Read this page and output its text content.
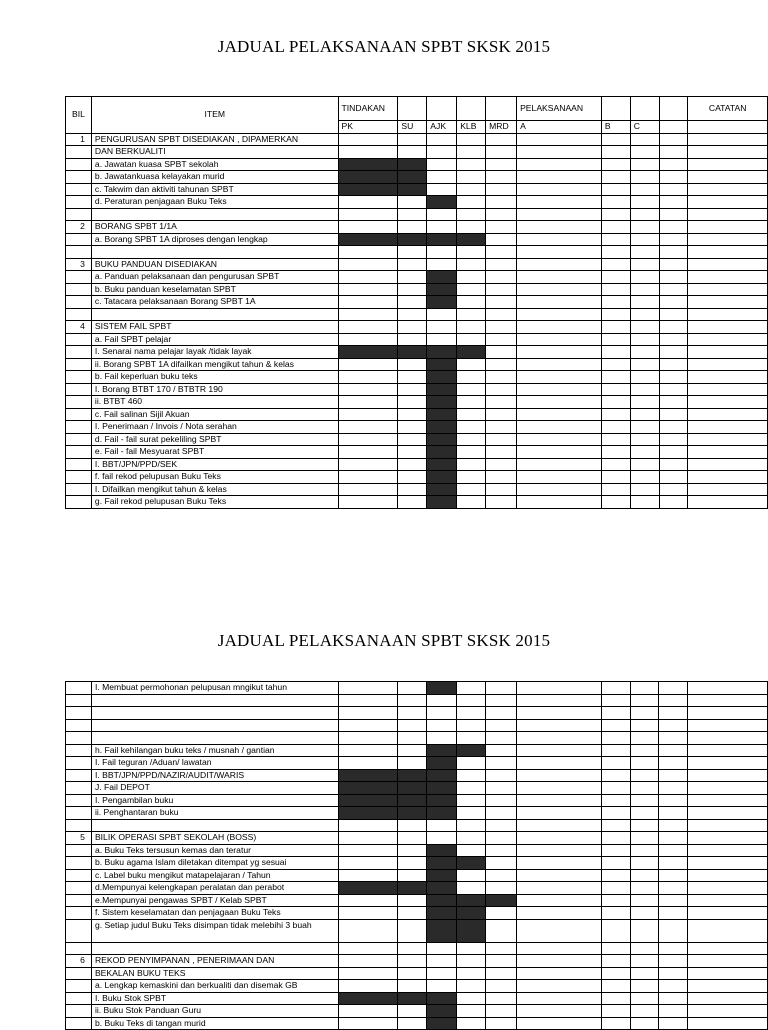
JADUAL PELAKSANAAN SPBT SKSK 2015
BIL	ITEM	TINDAKAN					PELAKSANAAN				CATATAN
		PK	SU	AJK	KLB	MRD	A	B	C		
1	PENGURUSAN SPBT DISEDIAKAN , DIPAMERKAN										
	DAN BERKUALITI										
	a. Jawatan kuasa SPBT sekolah										
	b. Jawatankuasa kelayakan murid										
	c. Takwim dan aktiviti tahunan SPBT										
	d. Peraturan penjagaan Buku Teks										

2	BORANG SPBT 1/1A										
	a. Borang SPBT 1A diproses dengan lengkap										

3	BUKU PANDUAN DISEDIAKAN										
	a. Panduan pelaksanaan dan pengurusan SPBT										
	b. Buku panduan keselamatan SPBT										
	c. Tatacara pelaksanaan Borang SPBT 1A										

4	SISTEM FAIL SPBT										
	a. Fail SPBT pelajar										
	I. Senarai nama pelajar layak /tidak layak										
	ii. Borang SPBT 1A difailkan mengikut tahun & kelas										
	b. Fail keperluan buku teks										
	I. Borang BTBT 170 / BTBTR 190										
	ii. BTBT 460										
	c. Fail salinan Sijil Akuan										
	I. Penerimaan / Invois / Nota serahan										
	d. Fail - fail surat pekeliling SPBT										
	e. Fail - fail Mesyuarat SPBT										
	I. BBT/JPN/PPD/SEK										
	f. fail rekod pelupusan Buku Teks										
	I. Difailkan mengikut tahun & kelas										
	g. Fail rekod pelupusan Buku Teks										
JADUAL PELAKSANAAN SPBT SKSK 2015
	I. Membuat permohonan pelupusan mngikut tahun										

	h. Fail kehilangan buku teks / musnah / gantian										
	I. Fail teguran /Aduan/ lawatan										
	I. BBT/JPN/PPD/NAZIR/AUDIT/WARIS										
	J. Fail DEPOT										
	I. Pengambilan buku										
	ii. Penghantaran buku										

5	BILIK OPERASI SPBT SEKOLAH (BOSS)										
	a. Buku Teks tersusun kemas dan teratur										
	b. Buku agama Islam diletakan ditempat yg sesuai										
	c. Label buku mengikut matapelajaran / Tahun										
	d.Mempunyai kelengkapan peralatan dan perabot										
	e.Mempunyai pengawas SPBT / Kelab SPBT										
	f. Sistem keselamatan dan penjagaan Buku Teks										
	g. Setiap judul Buku Teks disimpan tidak melebihi 3 buah										

6	REKOD PENYIMPANAN , PENERIMAAN DAN										
	BEKALAN BUKU TEKS										
	a. Lengkap kemaskini dan berkualiti dan disemak GB										
	I. Buku Stok SPBT										
	ii. Buku Stok Panduan Guru										
	b. Buku Teks di tangan murid										
